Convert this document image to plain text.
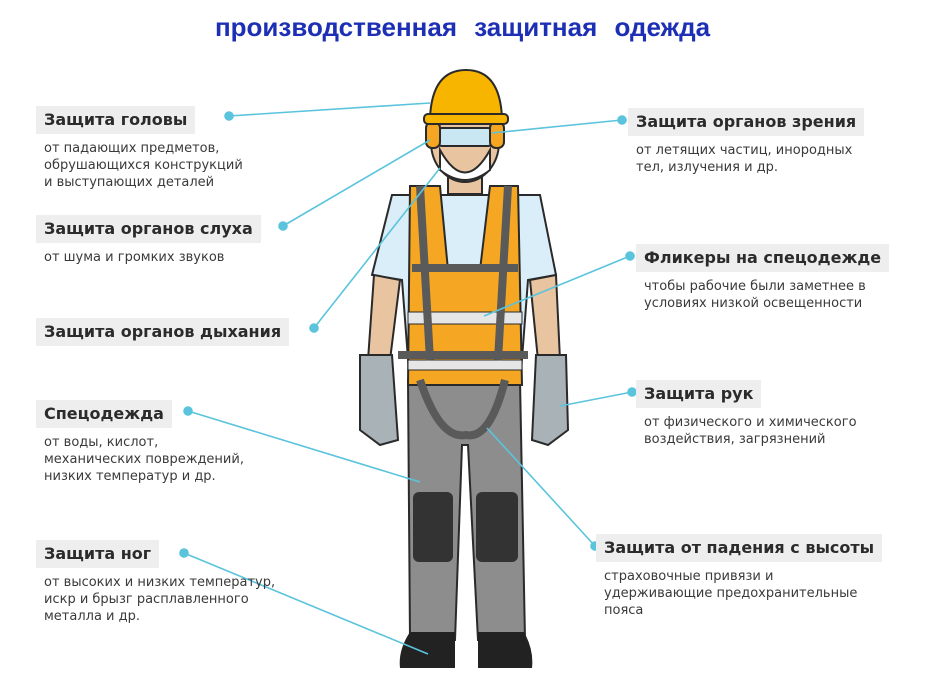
производственная защитная одежда
Защита головы
от падающих предметов,
обрушающихся конструкций
и выступающих деталей
Защита органов слуха
от шума и громких звуков
Защита органов дыхания
Спецодежда
от воды, кислот,
механических повреждений,
низких температур и др.
Защита ног
от высоких и низких температур,
искр и брызг расплавленного
металла и др.
Защита органов зрения
от летящих частиц, инородных
тел, излучения и др.
Фликеры на спецодежде
чтобы рабочие были заметнее в
условиях низкой освещенности
Защита рук
от физического и химического
воздействия, загрязнений
Защита от падения с высоты
страховочные привязи и
удерживающие предохранительные
пояса
